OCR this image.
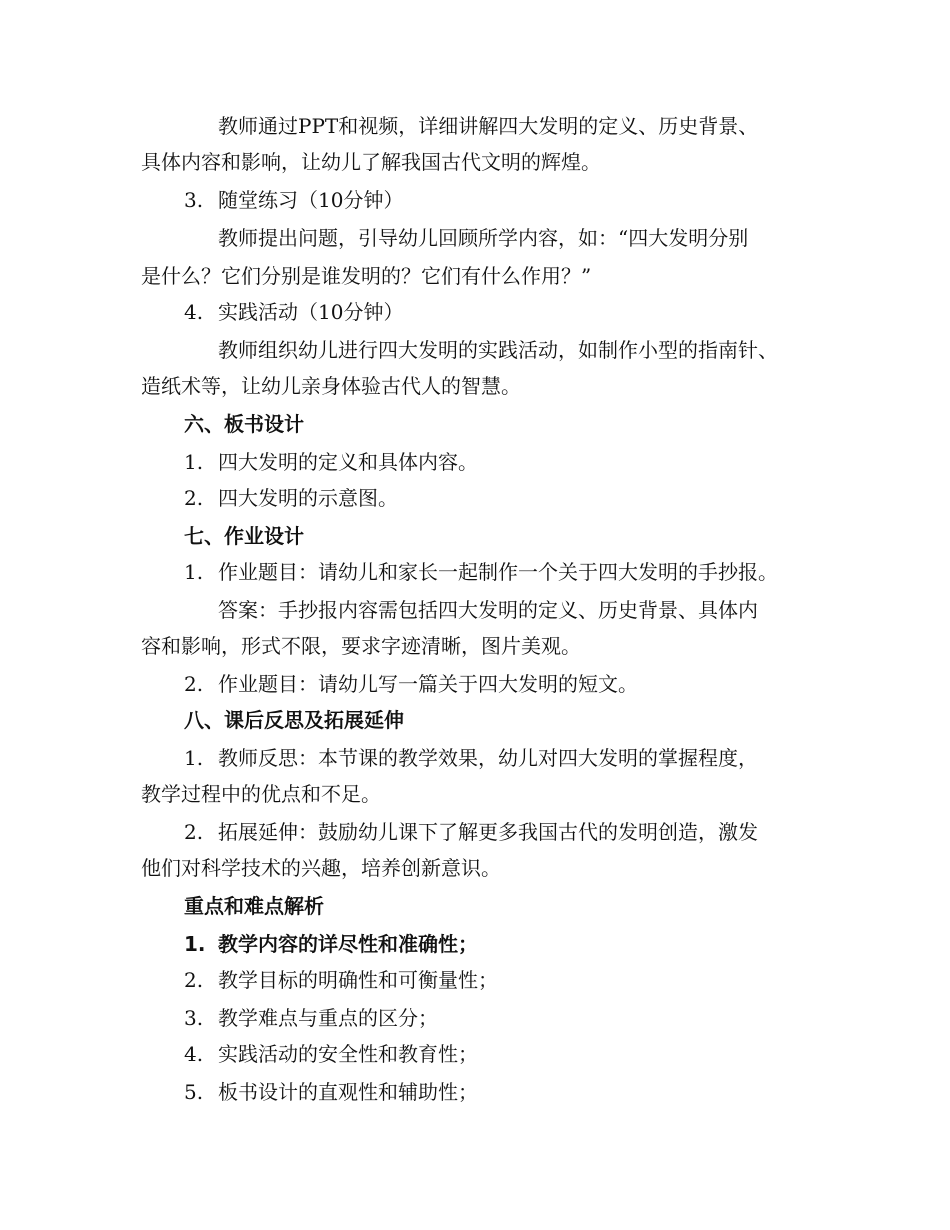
教师通过PPT和视频，详细讲解四大发明的定义、历史背景、
具体内容和影响，让幼儿了解我国古代文明的辉煌。
3. 随堂练习（10分钟）
教师提出问题，引导幼儿回顾所学内容，如：“四大发明分别
是什么？它们分别是谁发明的？它们有什么作用？”
4. 实践活动（10分钟）
教师组织幼儿进行四大发明的实践活动，如制作小型的指南针、
造纸术等，让幼儿亲身体验古代人的智慧。
六、板书设计
1. 四大发明的定义和具体内容。
2. 四大发明的示意图。
七、作业设计
1. 作业题目：请幼儿和家长一起制作一个关于四大发明的手抄报。
答案：手抄报内容需包括四大发明的定义、历史背景、具体内
容和影响，形式不限，要求字迹清晰，图片美观。
2. 作业题目：请幼儿写一篇关于四大发明的短文。
八、课后反思及拓展延伸
1. 教师反思：本节课的教学效果，幼儿对四大发明的掌握程度，
教学过程中的优点和不足。
2. 拓展延伸：鼓励幼儿课下了解更多我国古代的发明创造，激发
他们对科学技术的兴趣，培养创新意识。
重点和难点解析
1. 教学内容的详尽性和准确性；
2. 教学目标的明确性和可衡量性；
3. 教学难点与重点的区分；
4. 实践活动的安全性和教育性；
5. 板书设计的直观性和辅助性；
